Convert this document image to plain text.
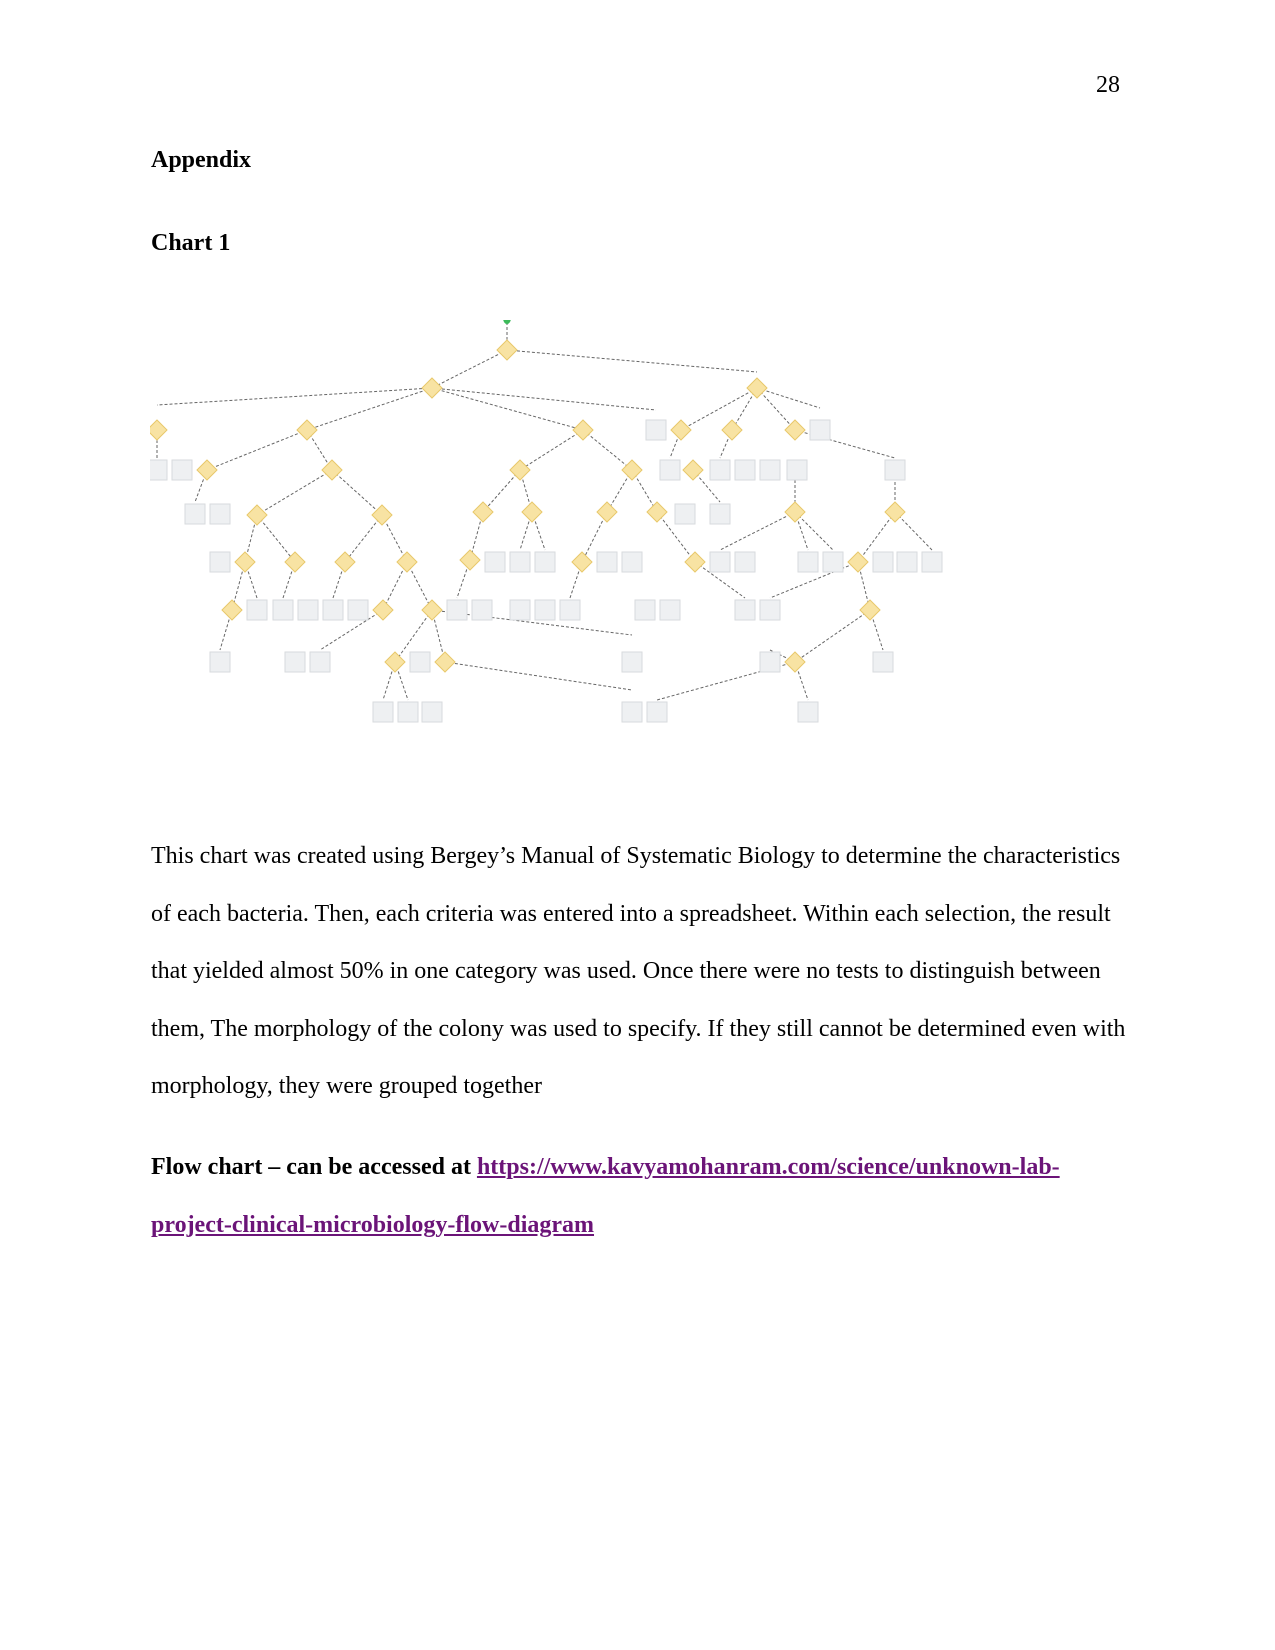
28
Appendix
Chart 1

This chart was created using Bergey’s Manual of Systematic Biology to determine the characteristics of each bacteria. Then, each criteria was entered into a spreadsheet. Within each selection, the result that yielded almost 50% in one category was used. Once there were no tests to distinguish between them, The morphology of the colony was used to specify. If they still cannot be determined even with morphology, they were grouped together

Flow chart – can be accessed at https://www.kavyamohanram.com/science/unknown-lab-project-clinical-microbiology-flow-diagram
